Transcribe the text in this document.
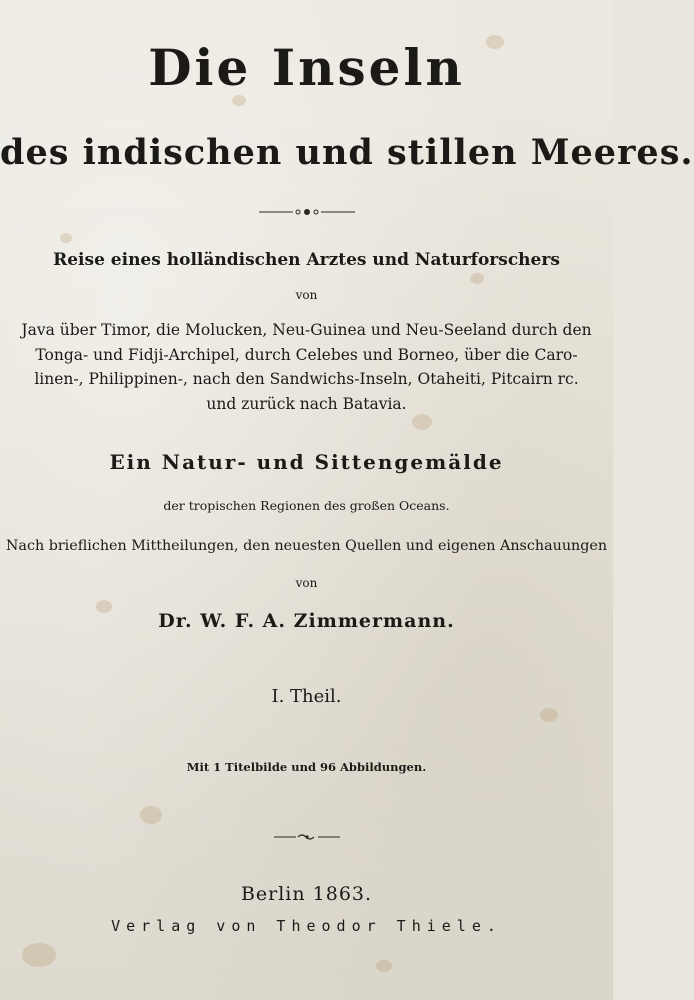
Die Inseln
des indischen und stillen Meeres.
Reise eines holländischen Arztes und Naturforschers
von
Java über Timor, die Molucken, Neu-Guinea und Neu-Seeland durch den
Tonga- und Fidji-Archipel, durch Celebes und Borneo, über die Caro-
linen-, Philippinen-, nach den Sandwichs-Inseln, Otaheiti, Pitcairn rc.
und zurück nach Batavia.
Ein Natur- und Sittengemälde
der tropischen Regionen des großen Oceans.
Nach brieflichen Mittheilungen, den neuesten Quellen und eigenen Anschauungen
von
Dr. W. F. A. Zimmermann.
I. Theil.
Mit 1 Titelbilde und 96 Abbildungen.
Berlin 1863.
Verlag von Theodor Thiele.
